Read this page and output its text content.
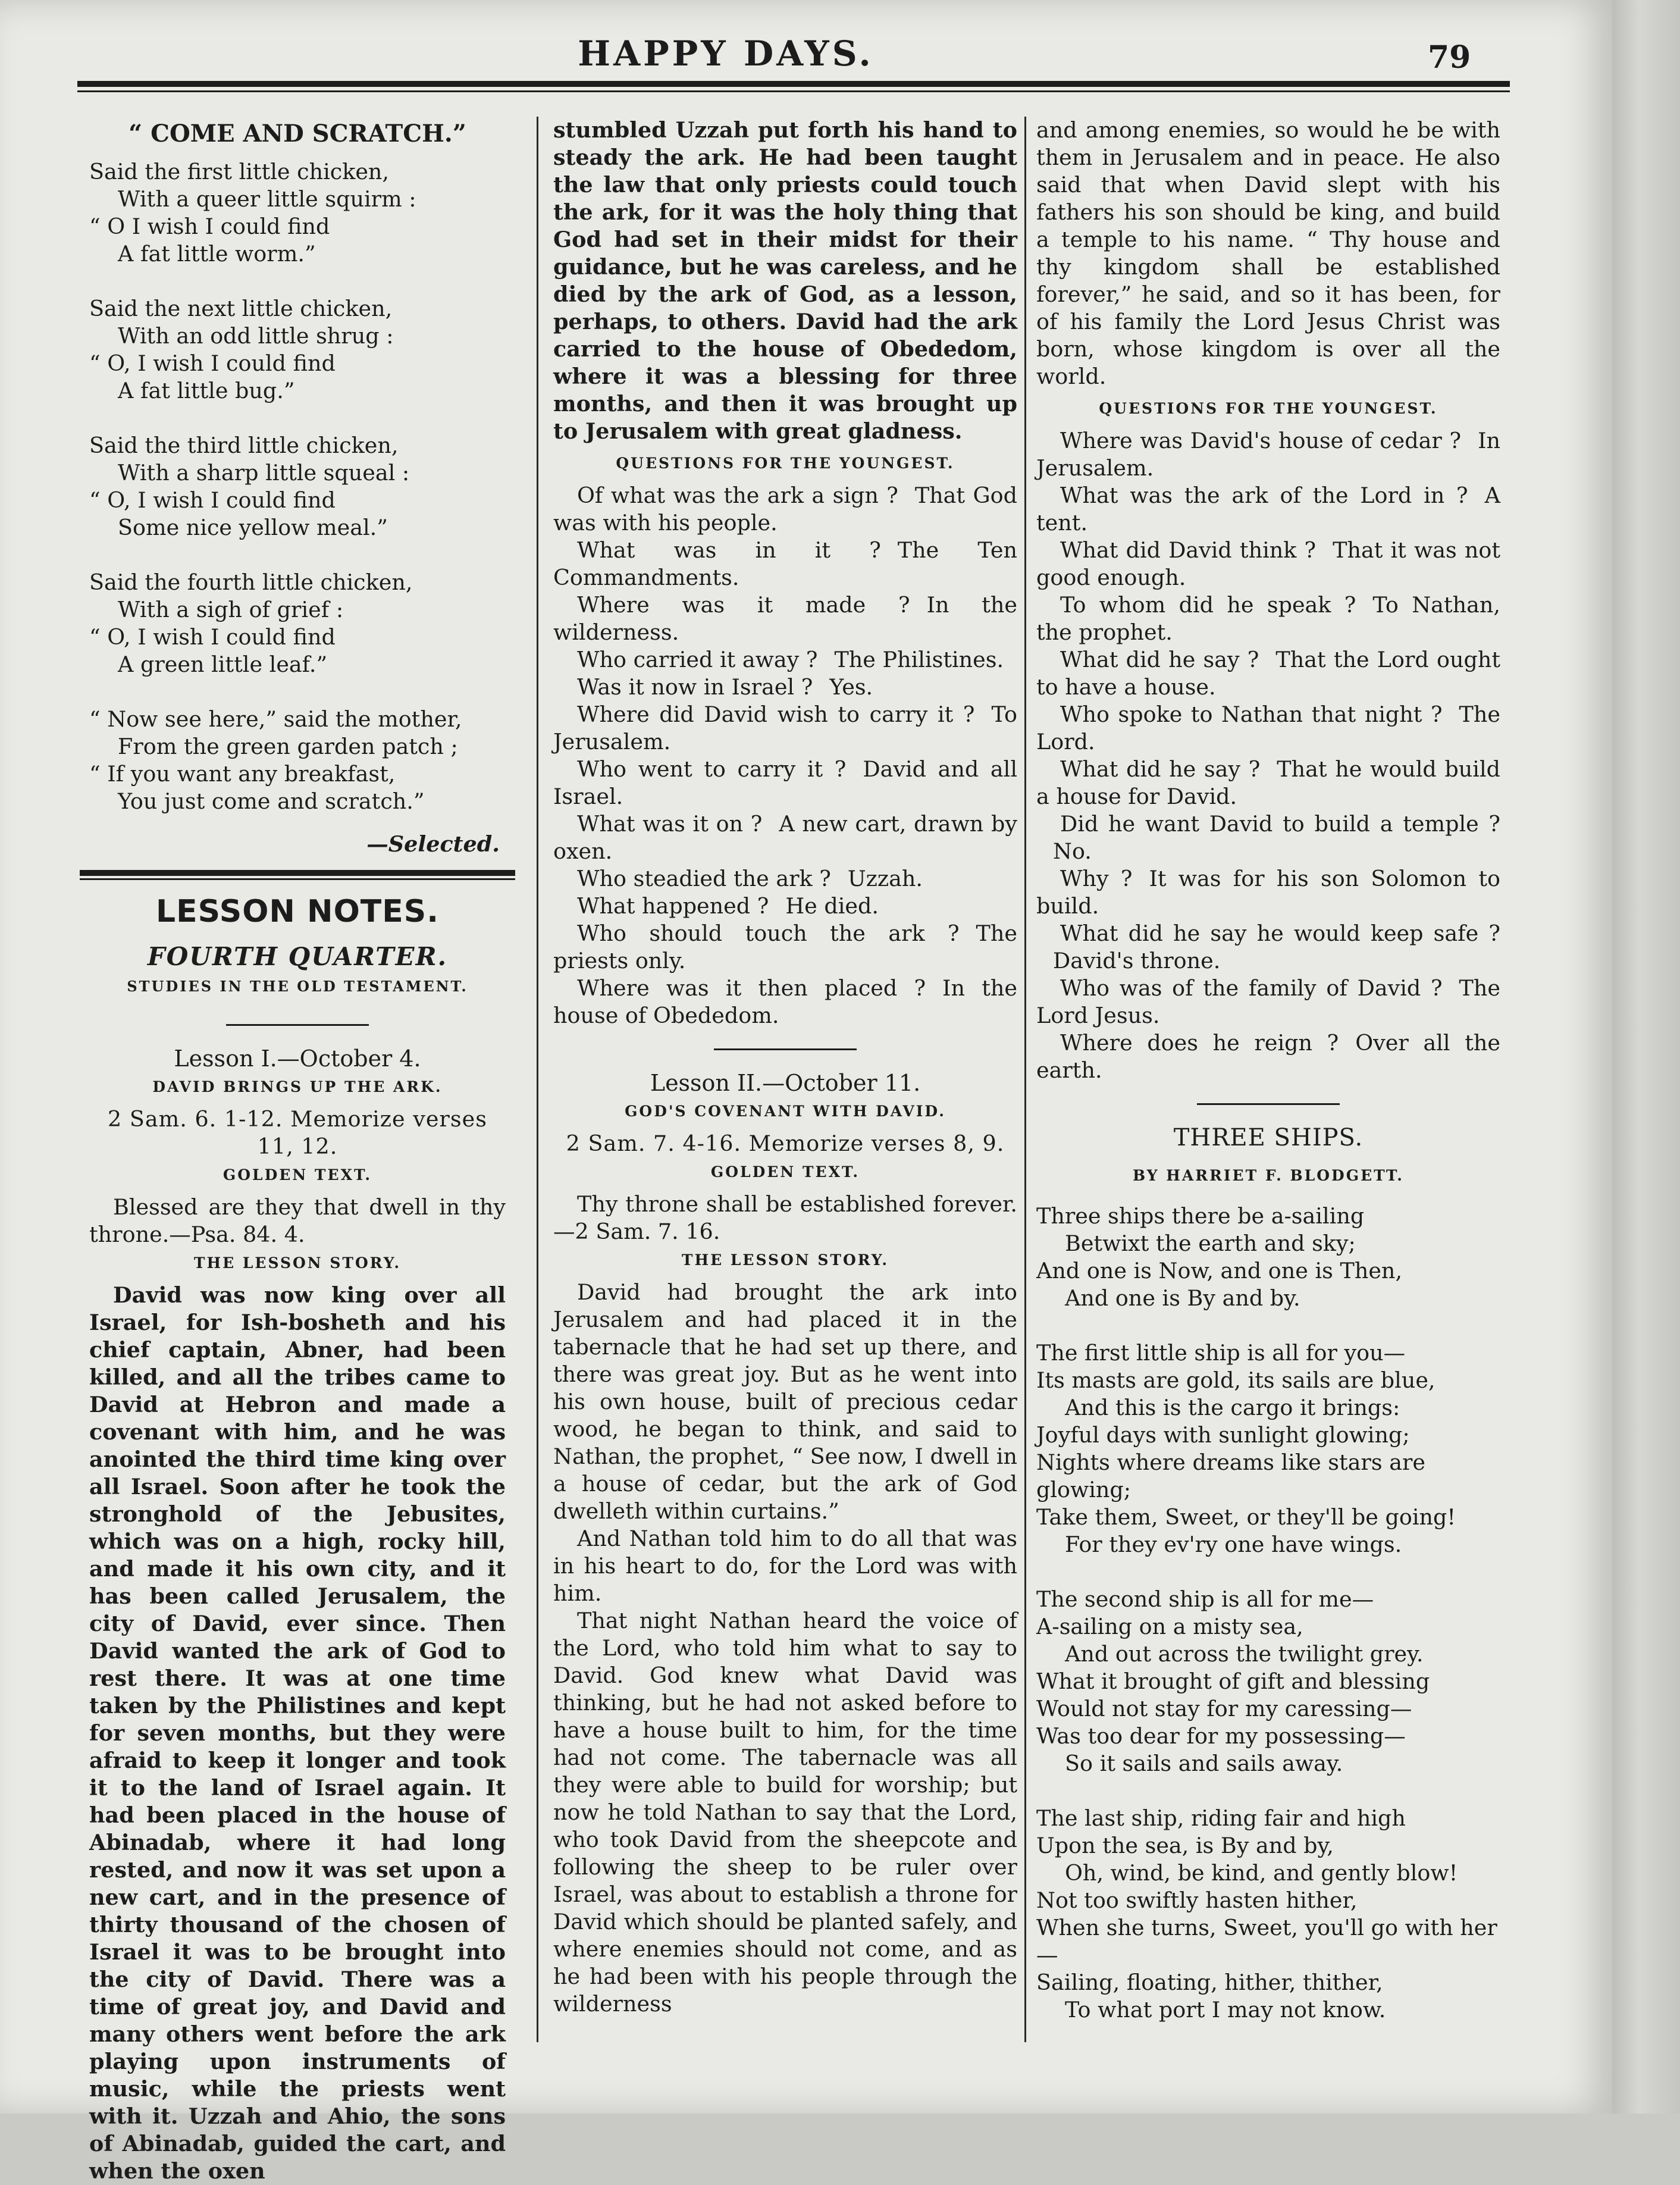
HAPPY DAYS.	79
“ COME AND SCRATCH.”

Said the first little chicken,

With a queer little squirm :

“ O I wish I could find

A fat little worm.”

Said the next little chicken,

With an odd little shrug :

“ O, I wish I could find

A fat little bug.”

Said the third little chicken,

With a sharp little squeal :

“ O, I wish I could find

Some nice yellow meal.”

Said the fourth little chicken,

With a sigh of grief :

“ O, I wish I could find

A green little leaf.”

“ Now see here,” said the mother,

From the green garden patch ;

“ If you want any breakfast,

You just come and scratch.”

—Selected.

LESSON NOTES.
FOURTH QUARTER.
STUDIES IN THE OLD TESTAMENT.
Lesson I.—October 4.
DAVID BRINGS UP THE ARK.

2 Sam. 6. 1-12. Memorize verses 11, 12.

GOLDEN TEXT.

Blessed are they that dwell in thy throne.—Psa. 84. 4.

THE LESSON STORY.

David was now king over all Israel, for Ish-bosheth and his chief captain, Abner, had been killed, and all the tribes came to David at Hebron and made a covenant with him, and he was anointed the third time king over all Israel. Soon after he took the stronghold of the Jebusites, which was on a high, rocky hill, and made it his own city, and it has been called Jerusalem, the city of David, ever since. Then David wanted the ark of God to rest there. It was at one time taken by the Philistines and kept for seven months, but they were afraid to keep it longer and took it to the land of Israel again. It had been placed in the house of Abinadab, where it had long rested, and now it was set upon a new cart, and in the presence of thirty thousand of the chosen of Israel it was to be brought into the city of David. There was a time of great joy, and David and many others went before the ark playing upon instruments of music, while the priests went with it. Uzzah and Ahio, the sons of Abinadab, guided the cart, and when the oxen

stumbled Uzzah put forth his hand to steady the ark. He had been taught the law that only priests could touch the ark, for it was the holy thing that God had set in their midst for their guidance, but he was careless, and he died by the ark of God, as a lesson, perhaps, to others. David had the ark carried to the house of Obededom, where it was a blessing for three months, and then it was brought up to Jerusalem with great gladness.

QUESTIONS FOR THE YOUNGEST.

Of what was the ark a sign ? That God was with his people.

What was in it ? The Ten Commandments.

Where was it made ? In the wilderness.

Who carried it away ? The Philistines.

Was it now in Israel ? Yes.

Where did David wish to carry it ? To Jerusalem.

Who went to carry it ? David and all Israel.

What was it on ? A new cart, drawn by oxen.

Who steadied the ark ? Uzzah.

What happened ? He died.

Who should touch the ark ? The priests only.

Where was it then placed ? In the house of Obededom.

Lesson II.—October 11.
GOD'S COVENANT WITH DAVID.

2 Sam. 7. 4-16. Memorize verses 8, 9.

GOLDEN TEXT.

Thy throne shall be established forever. —2 Sam. 7. 16.

THE LESSON STORY.

David had brought the ark into Jerusalem and had placed it in the tabernacle that he had set up there, and there was great joy. But as he went into his own house, built of precious cedar wood, he began to think, and said to Nathan, the prophet, “ See now, I dwell in a house of cedar, but the ark of God dwelleth within curtains.”

And Nathan told him to do all that was in his heart to do, for the Lord was with him.

That night Nathan heard the voice of the Lord, who told him what to say to David. God knew what David was thinking, but he had not asked before to have a house built to him, for the time had not come. The tabernacle was all they were able to build for worship; but now he told Nathan to say that the Lord, who took David from the sheepcote and following the sheep to be ruler over Israel, was about to establish a throne for David which should be planted safely, and where enemies should not come, and as he had been with his people through the wilderness

and among enemies, so would he be with them in Jerusalem and in peace. He also said that when David slept with his fathers his son should be king, and build a temple to his name. “ Thy house and thy kingdom shall be established forever,” he said, and so it has been, for of his family the Lord Jesus Christ was born, whose kingdom is over all the world.

QUESTIONS FOR THE YOUNGEST.

Where was David's house of cedar ? In Jerusalem.

What was the ark of the Lord in ? A tent.

What did David think ? That it was not good enough.

To whom did he speak ? To Nathan, the prophet.

What did he say ? That the Lord ought to have a house.

Who spoke to Nathan that night ? The Lord.

What did he say ? That he would build a house for David.

Did he want David to build a temple ?No.

Why ? It was for his son Solomon to build.

What did he say he would keep safe ?David's throne.

Who was of the family of David ? The Lord Jesus.

Where does he reign ? Over all the earth.

THREE SHIPS.
BY HARRIET F. BLODGETT.

Three ships there be a-sailing

Betwixt the earth and sky;

And one is Now, and one is Then,

And one is By and by.

The first little ship is all for you—

Its masts are gold, its sails are blue,

And this is the cargo it brings:

Joyful days with sunlight glowing;

Nights where dreams like stars are glowing;

Take them, Sweet, or they'll be going!

For they ev'ry one have wings.

The second ship is all for me—

A-sailing on a misty sea,

And out across the twilight grey.

What it brought of gift and blessing

Would not stay for my caressing—

Was too dear for my possessing—

So it sails and sails away.

The last ship, riding fair and high

Upon the sea, is By and by,

Oh, wind, be kind, and gently blow!

Not too swiftly hasten hither,

When she turns, Sweet, you'll go with her—

Sailing, floating, hither, thither,

To what port I may not know.
